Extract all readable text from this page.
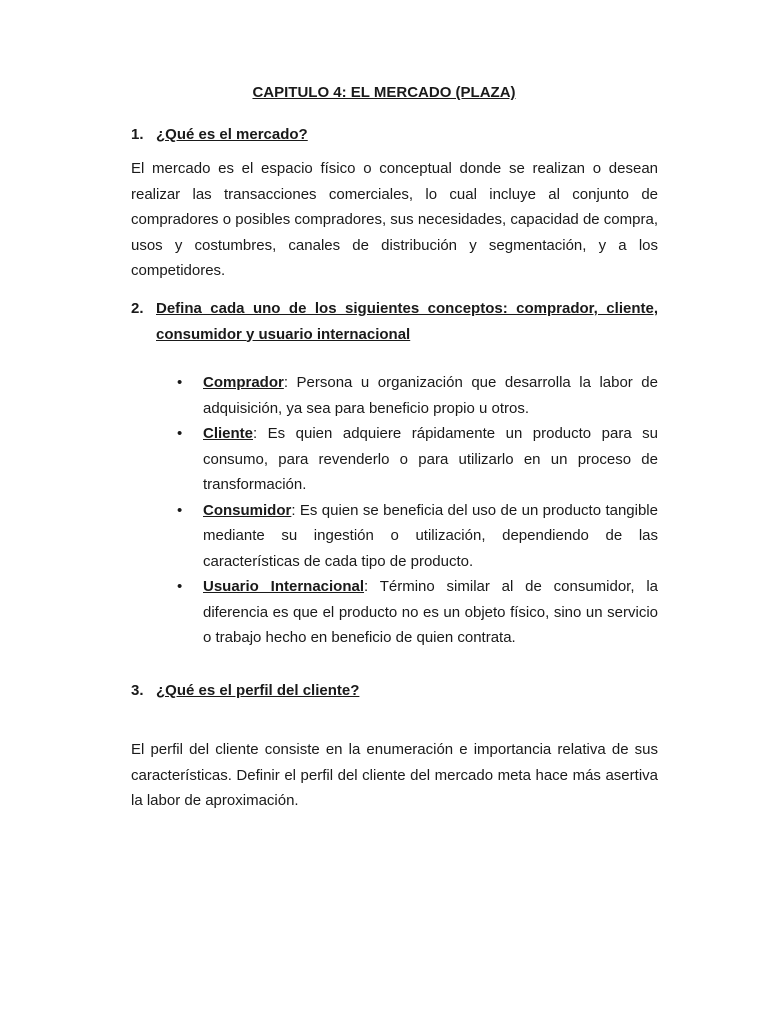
CAPITULO 4: EL MERCADO (PLAZA)
1. ¿Qué es el mercado?

El mercado es el espacio físico o conceptual donde se realizan o desean realizar las transacciones comerciales, lo cual incluye al conjunto de compradores o posibles compradores, sus necesidades, capacidad de compra, usos y costumbres, canales de distribución y segmentación, y a los competidores.

2. Defina cada uno de los siguientes conceptos: comprador, cliente, consumidor y usuario internacional
• Comprador: Persona u organización que desarrolla la labor de adquisición, ya sea para beneficio propio u otros.
• Cliente: Es quien adquiere rápidamente un producto para su consumo, para revenderlo o para utilizarlo en un proceso de transformación.
• Consumidor: Es quien se beneficia del uso de un producto tangible mediante su ingestión o utilización, dependiendo de las características de cada tipo de producto.
• Usuario Internacional: Término similar al de consumidor, la diferencia es que el producto no es un objeto físico, sino un servicio o trabajo hecho en beneficio de quien contrata.
3. ¿Qué es el perfil del cliente?

El perfil del cliente consiste en la enumeración e importancia relativa de sus características. Definir el perfil del cliente del mercado meta hace más asertiva la labor de aproximación.
